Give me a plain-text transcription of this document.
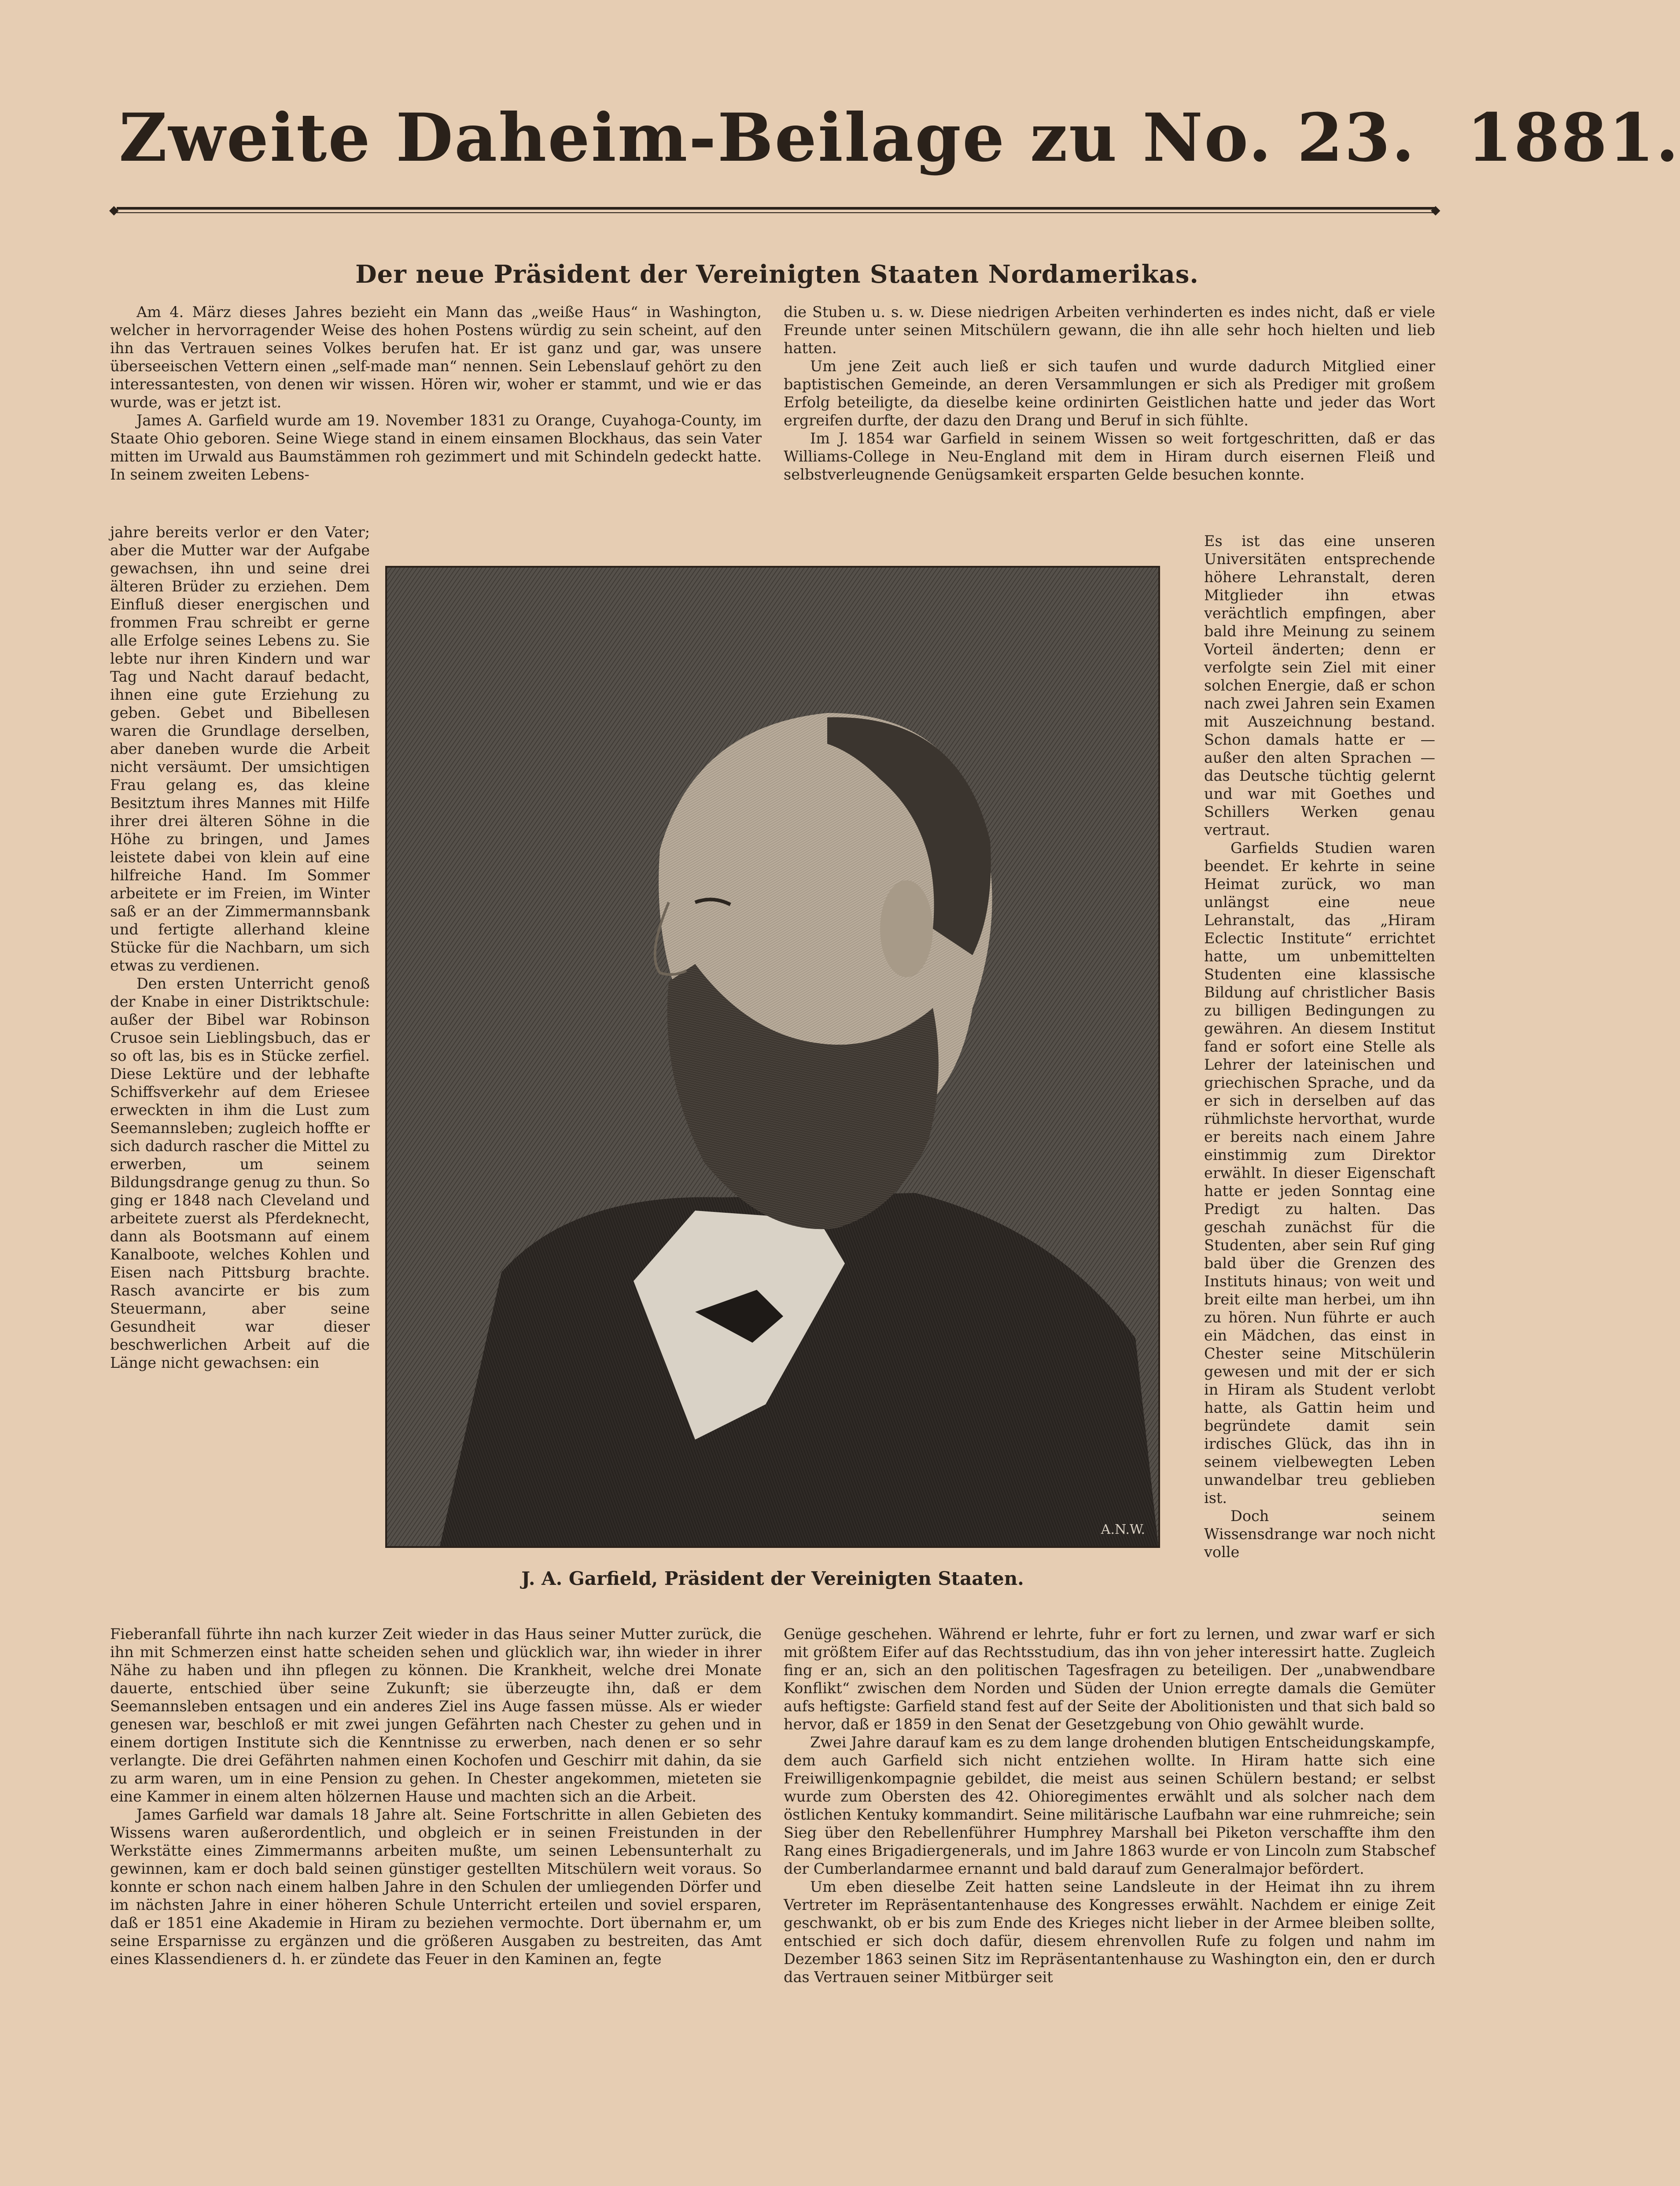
Zweite Daheim-Beilage zu No. 23. 1881.
◆	◆
Der neue Präsident der Vereinigten Staaten Nordamerikas.

Am 4. März dieses Jahres bezieht ein Mann das „weiße Haus“ in Washington, welcher in hervorragender Weise des hohen Postens würdig zu sein scheint, auf den ihn das Vertrauen seines Volkes berufen hat. Er ist ganz und gar, was unsere überseeischen Vettern einen „self-made man“ nennen. Sein Lebenslauf gehört zu den interessantesten, von denen wir wissen. Hören wir, woher er stammt, und wie er das wurde, was er jetzt ist.

James A. Garfield wurde am 19. November 1831 zu Orange, Cuyahoga-County, im Staate Ohio geboren. Seine Wiege stand in einem einsamen Blockhaus, das sein Vater mitten im Urwald aus Baumstämmen roh gezimmert und mit Schindeln gedeckt hatte. In seinem zweiten Lebens-

jahre bereits verlor er den Vater; aber die Mutter war der Aufgabe gewachsen, ihn und seine drei älteren Brüder zu erziehen. Dem Einfluß dieser energischen und frommen Frau schreibt er gerne alle Erfolge seines Lebens zu. Sie lebte nur ihren Kindern und war Tag und Nacht darauf bedacht, ihnen eine gute Erziehung zu geben. Gebet und Bibellesen waren die Grundlage derselben, aber daneben wurde die Arbeit nicht versäumt. Der umsichtigen Frau gelang es, das kleine Besitztum ihres Mannes mit Hilfe ihrer drei älteren Söhne in die Höhe zu bringen, und James leistete dabei von klein auf eine hilfreiche Hand. Im Sommer arbeitete er im Freien, im Winter saß er an der Zimmermannsbank und fertigte allerhand kleine Stücke für die Nachbarn, um sich etwas zu verdienen.

Den ersten Unterricht genoß der Knabe in einer Distriktschule: außer der Bibel war Robinson Crusoe sein Lieblingsbuch, das er so oft las, bis es in Stücke zerfiel. Diese Lektüre und der lebhafte Schiffsverkehr auf dem Eriesee erweckten in ihm die Lust zum Seemannsleben; zugleich hoffte er sich dadurch rascher die Mittel zu erwerben, um seinem Bildungsdrange genug zu thun. So ging er 1848 nach Cleveland und arbeitete zuerst als Pferdeknecht, dann als Bootsmann auf einem Kanalboote, welches Kohlen und Eisen nach Pittsburg brachte. Rasch avancirte er bis zum Steuermann, aber seine Gesundheit war dieser beschwerlichen Arbeit auf die Länge nicht gewachsen: ein

Fieberanfall führte ihn nach kurzer Zeit wieder in das Haus seiner Mutter zurück, die ihn mit Schmerzen einst hatte scheiden sehen und glücklich war, ihn wieder in ihrer Nähe zu haben und ihn pflegen zu können. Die Krankheit, welche drei Monate dauerte, entschied über seine Zukunft; sie überzeugte ihn, daß er dem Seemannsleben entsagen und ein anderes Ziel ins Auge fassen müsse. Als er wieder genesen war, beschloß er mit zwei jungen Gefährten nach Chester zu gehen und in einem dortigen Institute sich die Kenntnisse zu erwerben, nach denen er so sehr verlangte. Die drei Gefährten nahmen einen Kochofen und Geschirr mit dahin, da sie zu arm waren, um in eine Pension zu gehen. In Chester angekommen, mieteten sie eine Kammer in einem alten hölzernen Hause und machten sich an die Arbeit.

James Garfield war damals 18 Jahre alt. Seine Fortschritte in allen Gebieten des Wissens waren außerordentlich, und obgleich er in seinen Freistunden in der Werkstätte eines Zimmermanns arbeiten mußte, um seinen Lebensunterhalt zu gewinnen, kam er doch bald seinen günstiger gestellten Mitschülern weit voraus. So konnte er schon nach einem halben Jahre in den Schulen der umliegenden Dörfer und im nächsten Jahre in einer höheren Schule Unterricht erteilen und soviel ersparen, daß er 1851 eine Akademie in Hiram zu beziehen vermochte. Dort übernahm er, um seine Ersparnisse zu ergänzen und die größeren Ausgaben zu bestreiten, das Amt eines Klassendieners d. h. er zündete das Feuer in den Kaminen an, fegte

die Stuben u. s. w. Diese niedrigen Arbeiten verhinderten es indes nicht, daß er viele Freunde unter seinen Mitschülern gewann, die ihn alle sehr hoch hielten und lieb hatten.

Um jene Zeit auch ließ er sich taufen und wurde dadurch Mitglied einer baptistischen Gemeinde, an deren Versammlungen er sich als Prediger mit großem Erfolg beteiligte, da dieselbe keine ordinirten Geistlichen hatte und jeder das Wort ergreifen durfte, der dazu den Drang und Beruf in sich fühlte.

Im J. 1854 war Garfield in seinem Wissen so weit fortgeschritten, daß er das Williams-College in Neu-England mit dem in Hiram durch eisernen Fleiß und selbstverleugnende Genügsamkeit ersparten Gelde besuchen konnte.

Es ist das eine unseren Universitäten entsprechende höhere Lehranstalt, deren Mitglieder ihn etwas verächtlich empfingen, aber bald ihre Meinung zu seinem Vorteil änderten; denn er verfolgte sein Ziel mit einer solchen Energie, daß er schon nach zwei Jahren sein Examen mit Auszeichnung bestand. Schon damals hatte er — außer den alten Sprachen — das Deutsche tüchtig gelernt und war mit Goethes und Schillers Werken genau vertraut.

Garfields Studien waren beendet. Er kehrte in seine Heimat zurück, wo man unlängst eine neue Lehranstalt, das „Hiram Eclectic Institute“ errichtet hatte, um unbemittelten Studenten eine klassische Bildung auf christlicher Basis zu billigen Bedingungen zu gewähren. An diesem Institut fand er sofort eine Stelle als Lehrer der lateinischen und griechischen Sprache, und da er sich in derselben auf das rühmlichste hervorthat, wurde er bereits nach einem Jahre einstimmig zum Direktor erwählt. In dieser Eigenschaft hatte er jeden Sonntag eine Predigt zu halten. Das geschah zunächst für die Studenten, aber sein Ruf ging bald über die Grenzen des Instituts hinaus; von weit und breit eilte man herbei, um ihn zu hören. Nun führte er auch ein Mädchen, das einst in Chester seine Mitschülerin gewesen und mit der er sich in Hiram als Student verlobt hatte, als Gattin heim und begründete damit sein irdisches Glück, das ihn in seinem vielbewegten Leben unwandelbar treu geblieben ist.

Doch seinem Wissensdrange war noch nicht volle

Genüge geschehen. Während er lehrte, fuhr er fort zu lernen, und zwar warf er sich mit größtem Eifer auf das Rechtsstudium, das ihn von jeher interessirt hatte. Zugleich fing er an, sich an den politischen Tagesfragen zu beteiligen. Der „unabwendbare Konflikt“ zwischen dem Norden und Süden der Union erregte damals die Gemüter aufs heftigste: Garfield stand fest auf der Seite der Abolitionisten und that sich bald so hervor, daß er 1859 in den Senat der Gesetzgebung von Ohio gewählt wurde.

Zwei Jahre darauf kam es zu dem lange drohenden blutigen Entscheidungskampfe, dem auch Garfield sich nicht entziehen wollte. In Hiram hatte sich eine Freiwilligenkompagnie gebildet, die meist aus seinen Schülern bestand; er selbst wurde zum Obersten des 42. Ohioregimentes erwählt und als solcher nach dem östlichen Kentuky kommandirt. Seine militärische Laufbahn war eine ruhmreiche; sein Sieg über den Rebellenführer Humphrey Marshall bei Piketon verschaffte ihm den Rang eines Brigadiergenerals, und im Jahre 1863 wurde er von Lincoln zum Stabschef der Cumberlandarmee ernannt und bald darauf zum Generalmajor befördert.

Um eben dieselbe Zeit hatten seine Landsleute in der Heimat ihn zu ihrem Vertreter im Repräsentantenhause des Kongresses erwählt. Nachdem er einige Zeit geschwankt, ob er bis zum Ende des Krieges nicht lieber in der Armee bleiben sollte, entschied er sich doch dafür, diesem ehrenvollen Rufe zu folgen und nahm im Dezember 1863 seinen Sitz im Repräsentantenhause zu Washington ein, den er durch das Vertrauen seiner Mitbürger seit

A.N.W.
J. A. Garfield, Präsident der Vereinigten Staaten.
